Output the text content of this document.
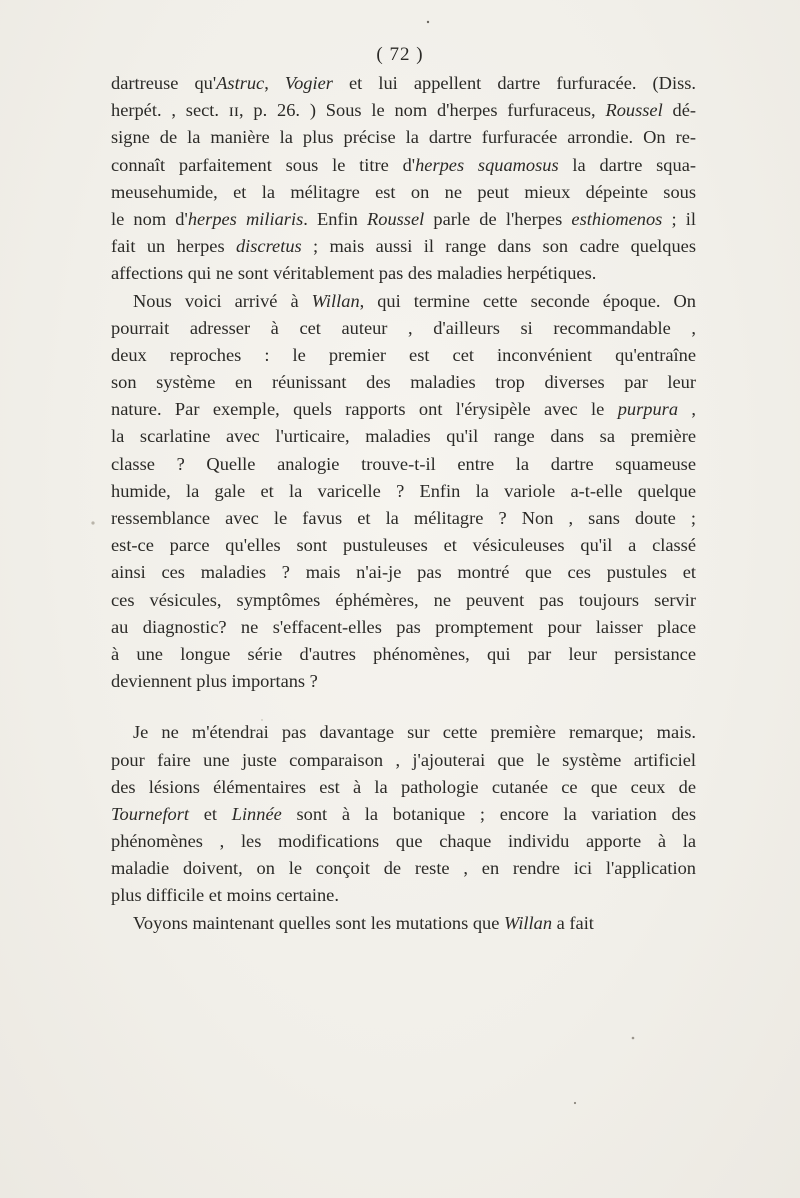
( 72 )
dartreuse qu'Astruc, Vogier et lui appellent dartre furfuracée. (Diss.
herpét. , sect. ɪɪ, p. 26. ) Sous le nom d'herpes furfuraceus, Roussel dé-
signe de la manière la plus précise la dartre furfuracée arrondie. On re-
connaît parfaitement sous le titre d'herpes squamosus la dartre squa-
meusehumide, et la mélitagre est on ne peut mieux dépeinte sous
le nom d'herpes miliaris. Enfin Roussel parle de l'herpes esthiomenos ; il
fait un herpes discretus ; mais aussi il range dans son cadre quelques
affections qui ne sont véritablement pas des maladies herpétiques.
Nous voici arrivé à Willan, qui termine cette seconde époque. On
pourrait adresser à cet auteur , d'ailleurs si recommandable ,
deux reproches : le premier est cet inconvénient qu'entraîne
son système en réunissant des maladies trop diverses par leur
nature. Par exemple, quels rapports ont l'érysipèle avec le purpura ,
la scarlatine avec l'urticaire, maladies qu'il range dans sa première
classe ? Quelle analogie trouve-t-il entre la dartre squameuse
humide, la gale et la varicelle ? Enfin la variole a-t-elle quelque
ressemblance avec le favus et la mélitagre ? Non , sans doute ;
est-ce parce qu'elles sont pustuleuses et vésiculeuses qu'il a classé
ainsi ces maladies ? mais n'ai-je pas montré que ces pustules et
ces vésicules, symptômes éphémères, ne peuvent pas toujours servir
au diagnostic? ne s'effacent-elles pas promptement pour laisser place
à une longue série d'autres phénomènes, qui par leur persistance
deviennent plus importans ?
Je ne m'étendrai pas davantage sur cette première remarque; mais.
pour faire une juste comparaison , j'ajouterai que le système artificiel
des lésions élémentaires est à la pathologie cutanée ce que ceux de
Tournefort et Linnée sont à la botanique ; encore la variation des
phénomènes , les modifications que chaque individu apporte à la
maladie doivent, on le conçoit de reste , en rendre ici l'application
plus difficile et moins certaine.
Voyons maintenant quelles sont les mutations que Willan a fait
